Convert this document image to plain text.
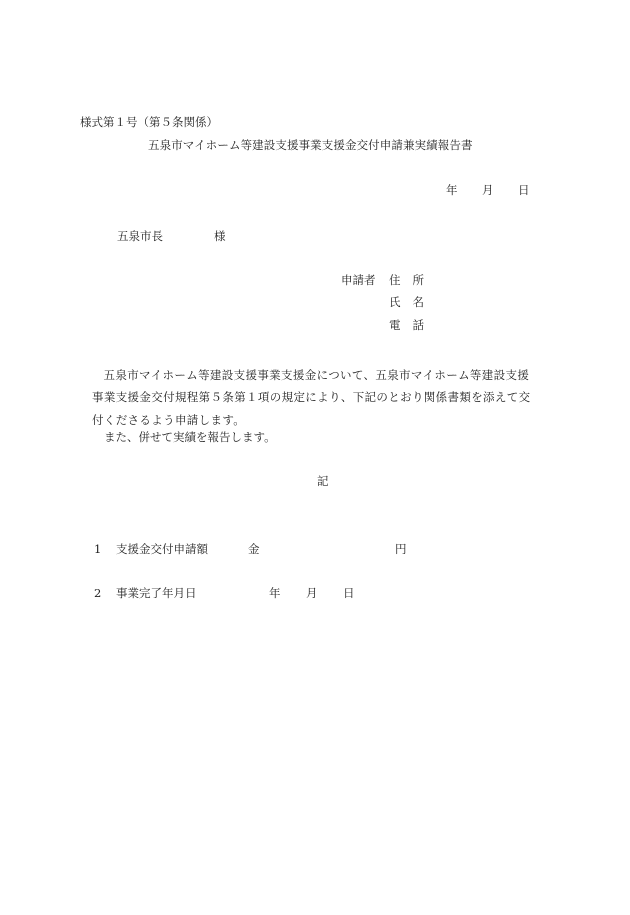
様式第１号（第５条関係）
五泉市マイホーム等建設支援事業支援金交付申請兼実績報告書
年 月 日
五泉市長	様
申請者 住 所
氏 名
電 話
五泉市マイホーム等建設支援事業支援金について、五泉市マイホーム等建設支援事業支援金交付規程第５条第１項の規定により、下記のとおり関係書類を添えて交付くださるよう申請します。
また、併せて実績を報告します。
記
1 支援金交付申請額	金	円
2 事業完了年月日	年 月 日
